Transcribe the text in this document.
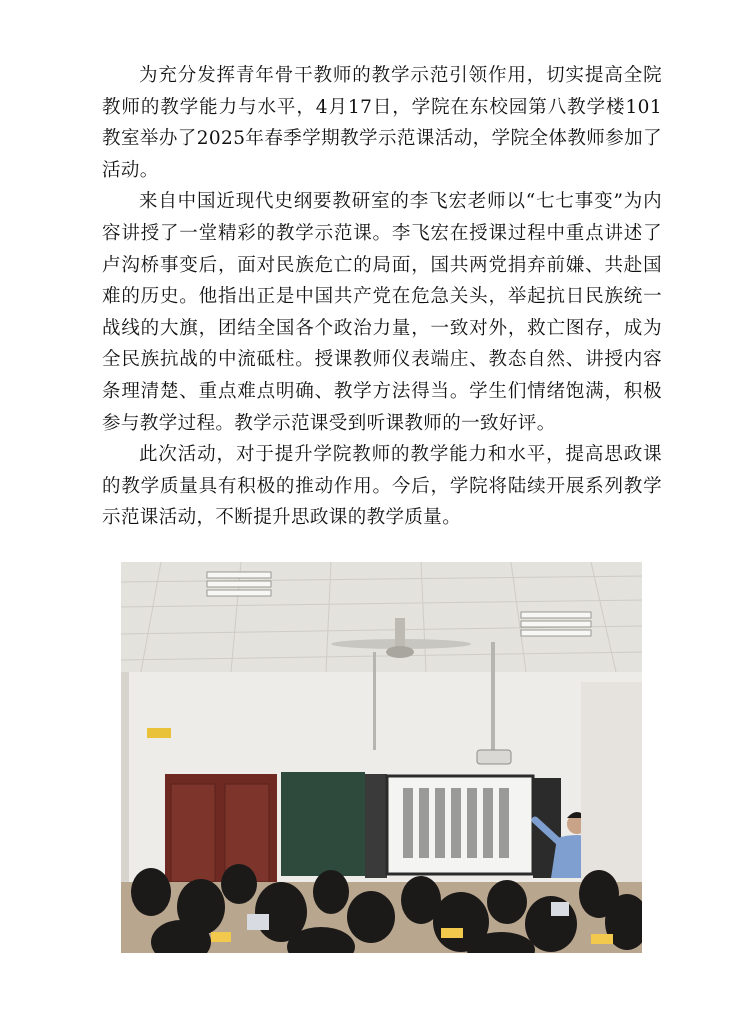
为充分发挥青年骨干教师的教学示范引领作用，切实提高全院教师的教学能力与水平，4月17日，学院在东校园第八教学楼101教室举办了2025年春季学期教学示范课活动，学院全体教师参加了活动。

来自中国近现代史纲要教研室的李飞宏老师以“七七事变”为内容讲授了一堂精彩的教学示范课。李飞宏在授课过程中重点讲述了卢沟桥事变后，面对民族危亡的局面，国共两党捐弃前嫌、共赴国难的历史。他指出正是中国共产党在危急关头，举起抗日民族统一战线的大旗，团结全国各个政治力量，一致对外，救亡图存，成为全民族抗战的中流砥柱。授课教师仪表端庄、教态自然、讲授内容条理清楚、重点难点明确、教学方法得当。学生们情绪饱满，积极参与教学过程。教学示范课受到听课教师的一致好评。

此次活动，对于提升学院教师的教学能力和水平，提高思政课的教学质量具有积极的推动作用。今后，学院将陆续开展系列教学示范课活动，不断提升思政课的教学质量。
